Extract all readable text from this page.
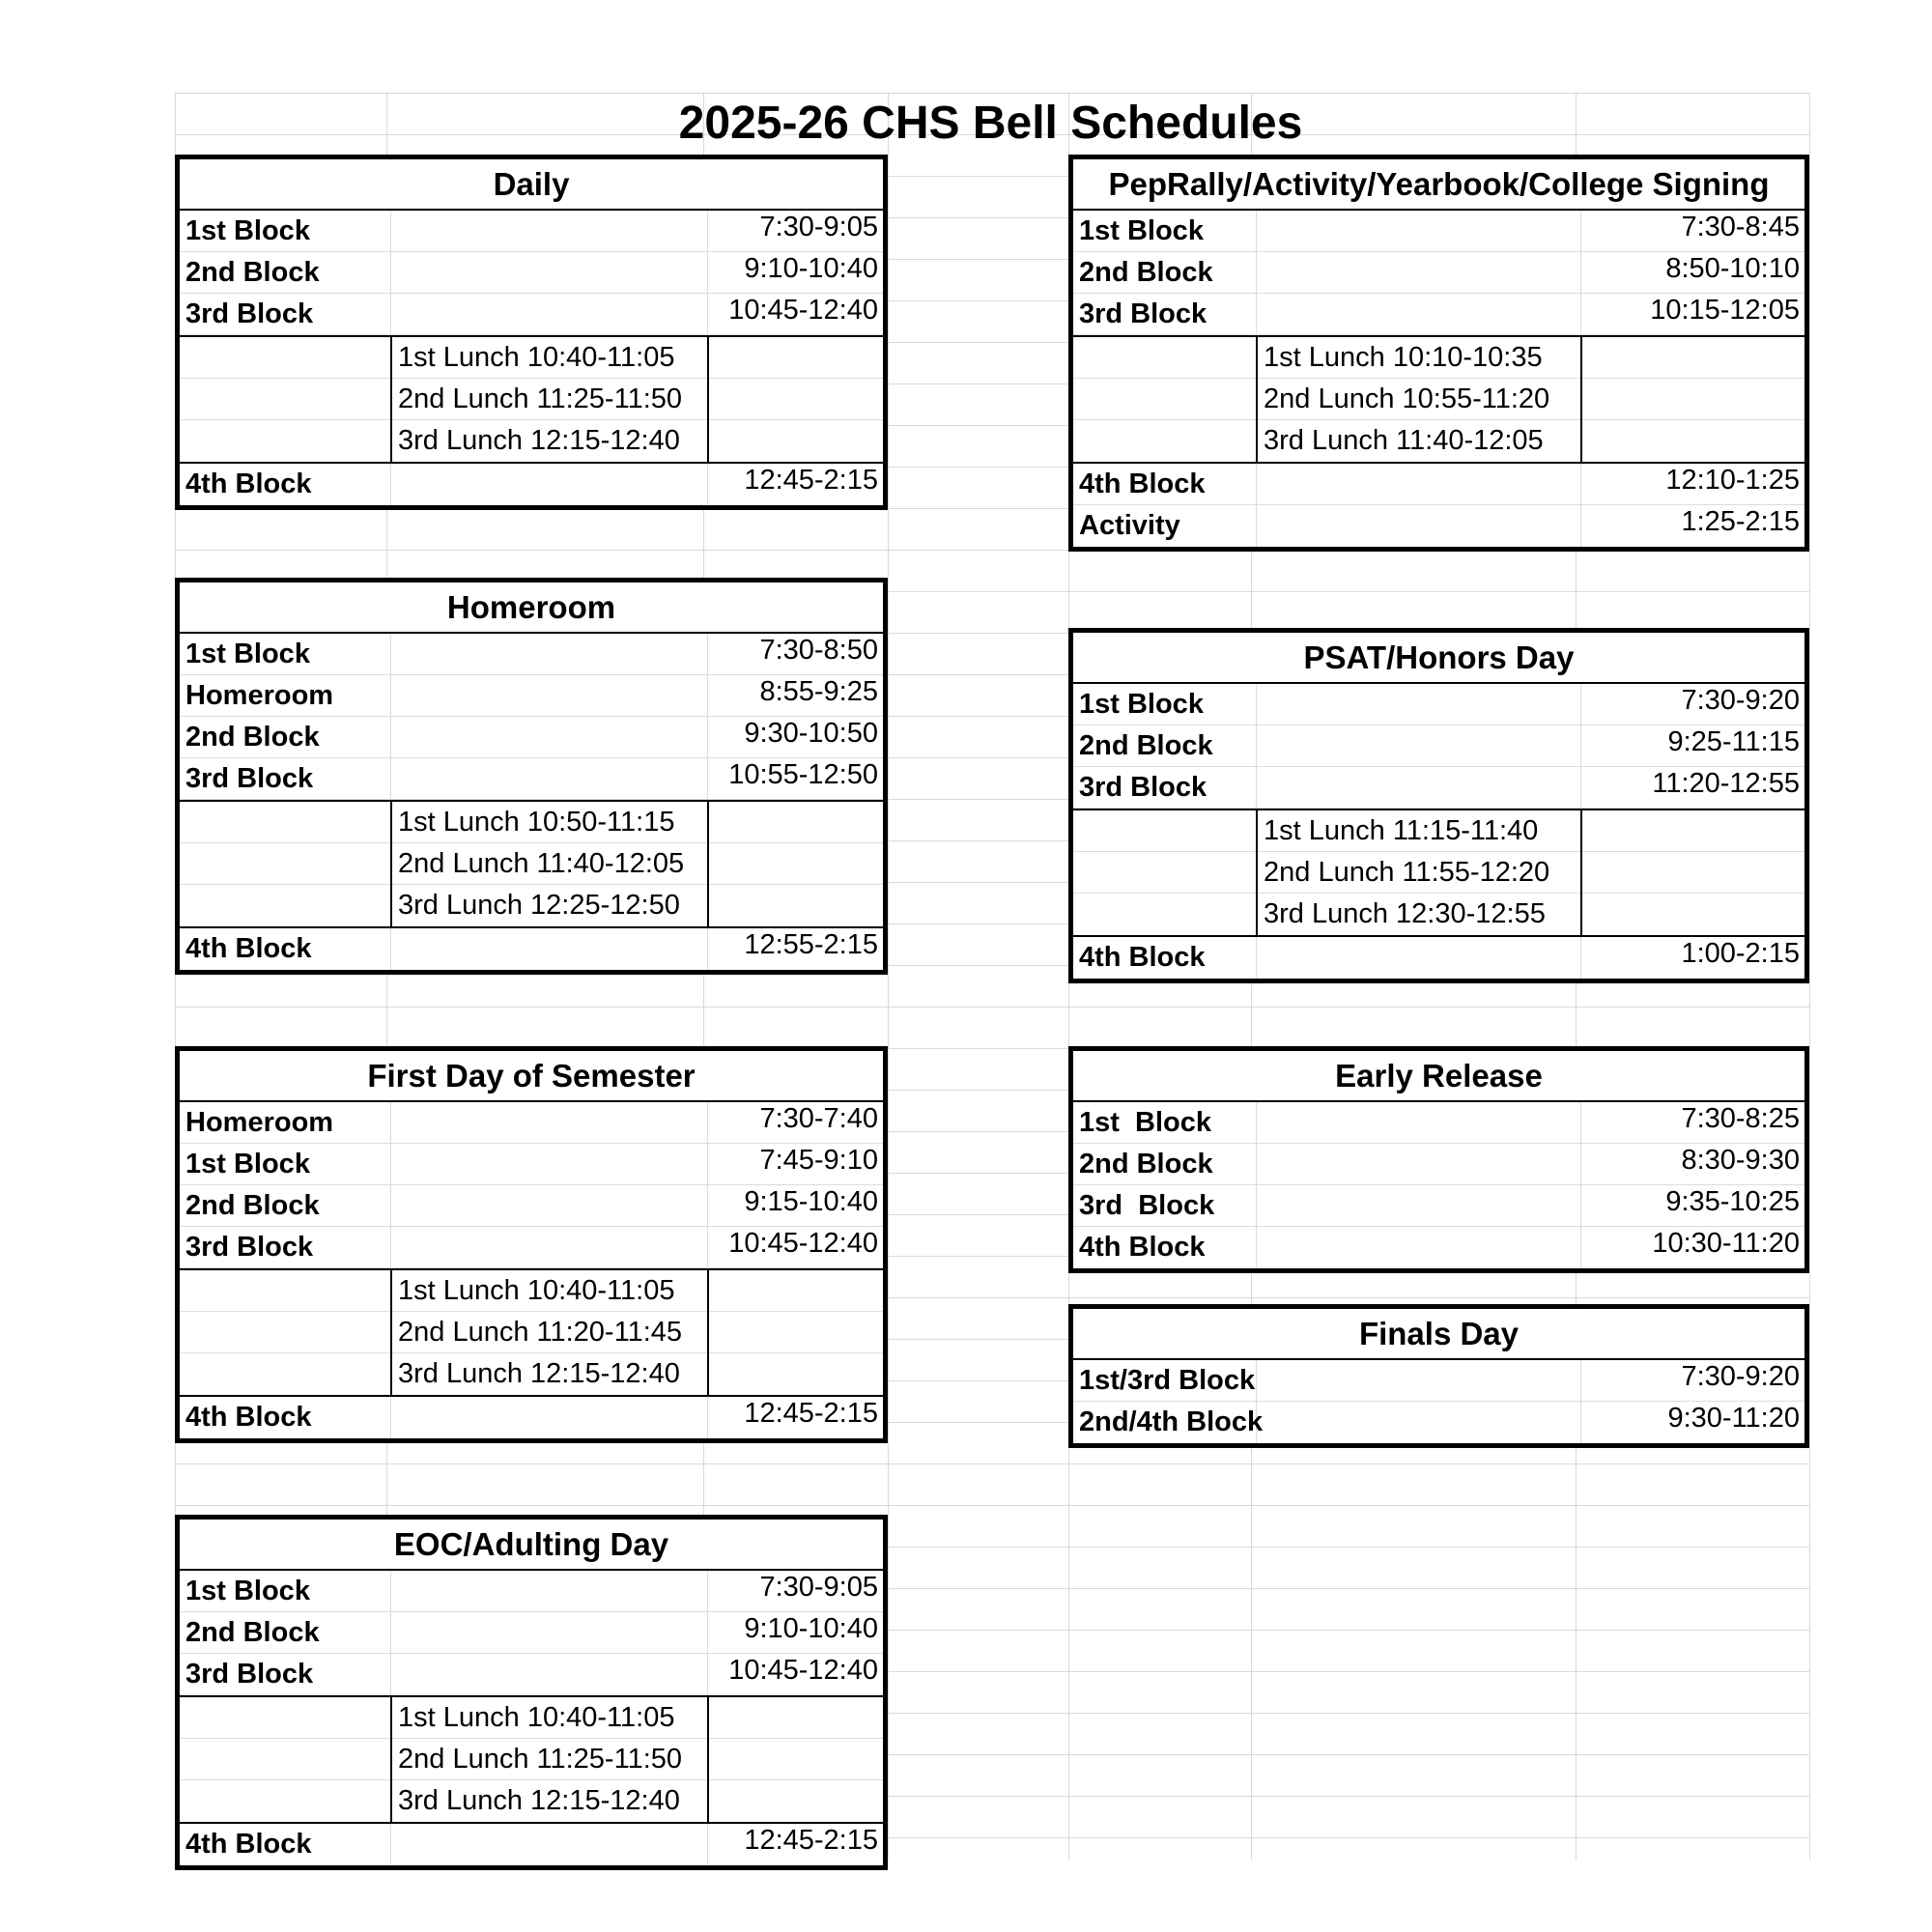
2025-26 CHS Bell Schedules
Daily
1st Block	7:30-9:05
2nd Block	9:10-10:40
3rd Block	10:45-12:40
1st Lunch 10:40-11:05
2nd Lunch 11:25-11:50
3rd Lunch 12:15-12:40
4th Block	12:45-2:15
PepRally/Activity/Yearbook/College Signing
1st Block	7:30-8:45
2nd Block	8:50-10:10
3rd Block	10:15-12:05
1st Lunch 10:10-10:35
2nd Lunch 10:55-11:20
3rd Lunch 11:40-12:05
4th Block	12:10-1:25
Activity	1:25-2:15
Homeroom
1st Block	7:30-8:50
Homeroom	8:55-9:25
2nd Block	9:30-10:50
3rd Block	10:55-12:50
1st Lunch 10:50-11:15
2nd Lunch 11:40-12:05
3rd Lunch 12:25-12:50
4th Block	12:55-2:15
PSAT/Honors Day
1st Block	7:30-9:20
2nd Block	9:25-11:15
3rd Block	11:20-12:55
1st Lunch 11:15-11:40
2nd Lunch 11:55-12:20
3rd Lunch 12:30-12:55
4th Block	1:00-2:15
First Day of Semester
Homeroom	7:30-7:40
1st Block	7:45-9:10
2nd Block	9:15-10:40
3rd Block	10:45-12:40
1st Lunch 10:40-11:05
2nd Lunch 11:20-11:45
3rd Lunch 12:15-12:40
4th Block	12:45-2:15
Early Release
1st  Block	7:30-8:25
2nd Block	8:30-9:30
3rd  Block	9:35-10:25
4th Block	10:30-11:20
Finals Day
1st/3rd Block	7:30-9:20
2nd/4th Block	9:30-11:20
EOC/Adulting Day
1st Block	7:30-9:05
2nd Block	9:10-10:40
3rd Block	10:45-12:40
1st Lunch 10:40-11:05
2nd Lunch 11:25-11:50
3rd Lunch 12:15-12:40
4th Block	12:45-2:15
